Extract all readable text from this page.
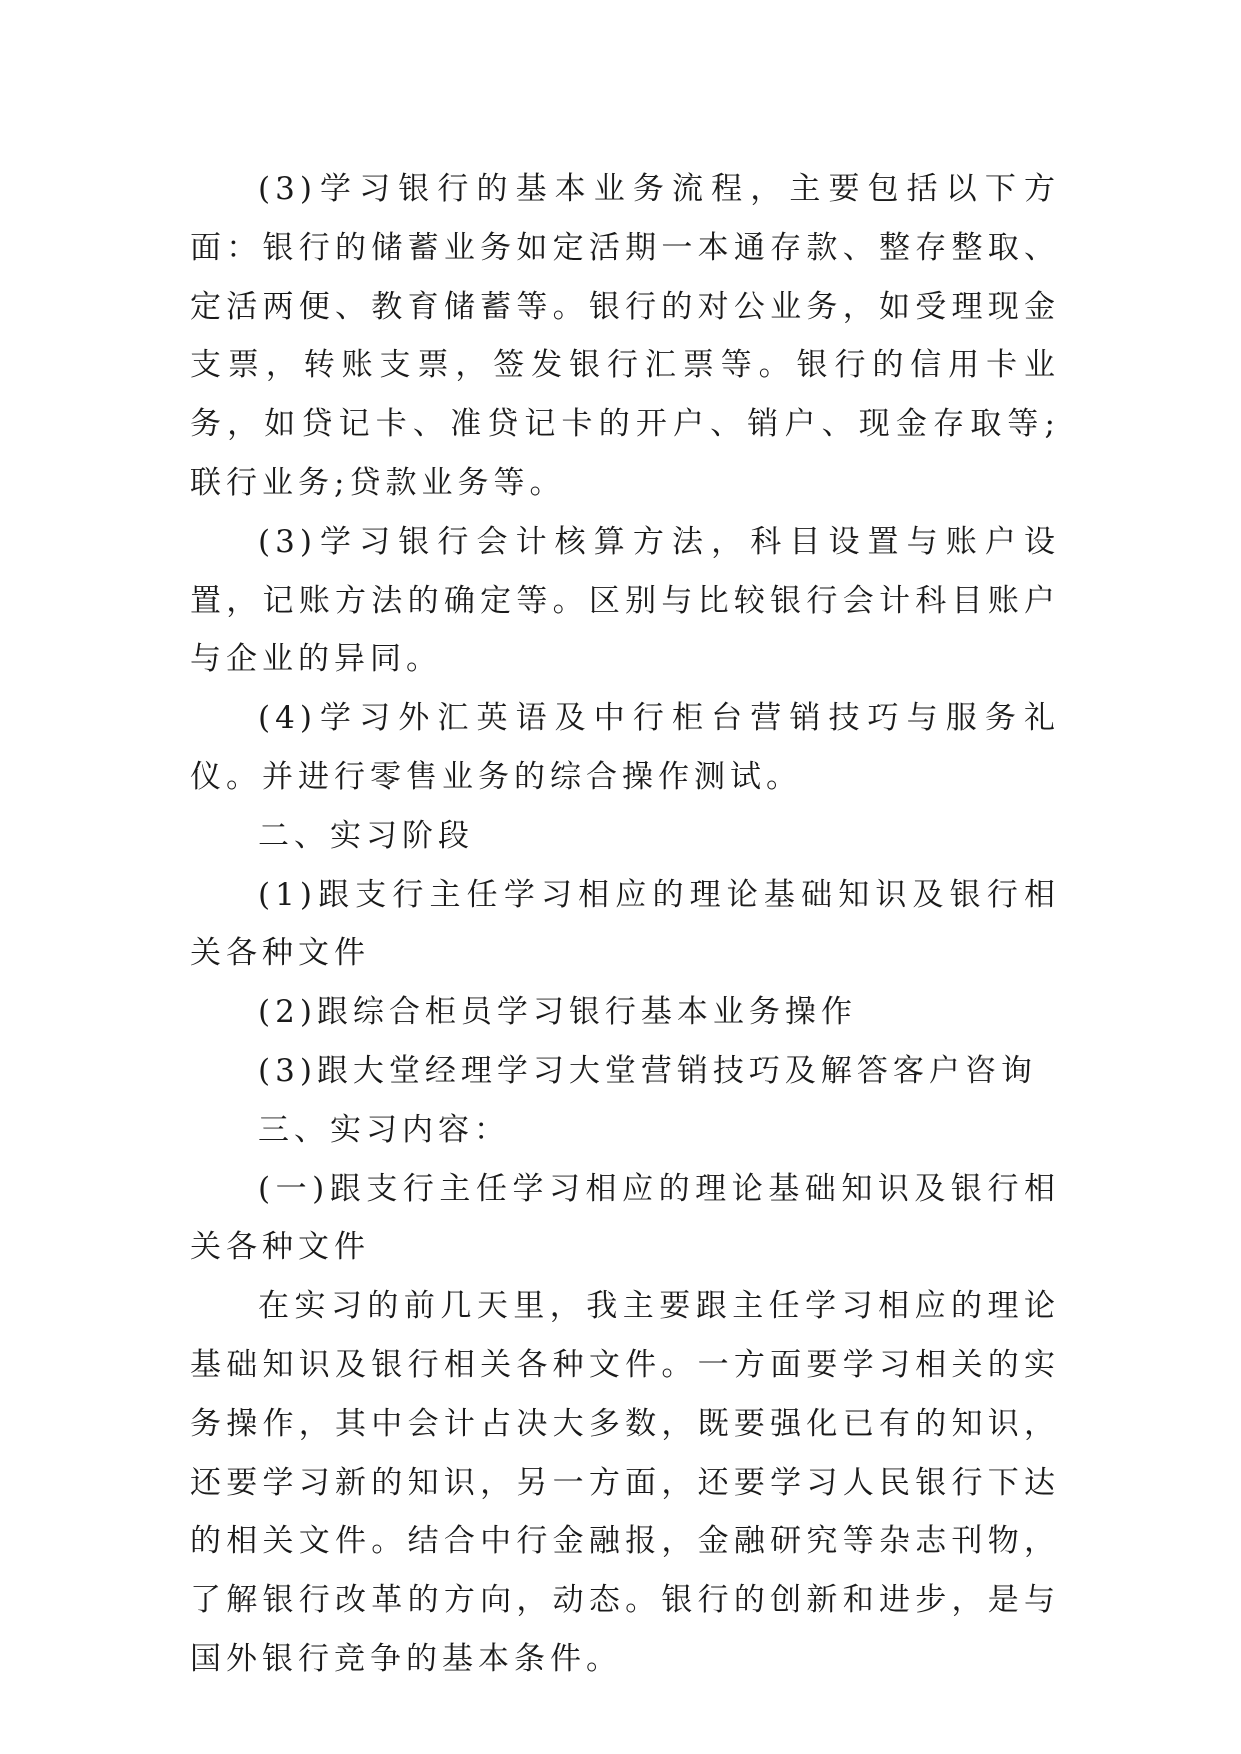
(3)学习银行的基本业务流程，主要包括以下方面：银行的储蓄业务如定活期一本通存款、整存整取、定活两便、教育储蓄等。银行的对公业务，如受理现金支票，转账支票，签发银行汇票等。银行的信用卡业务，如贷记卡、准贷记卡的开户、销户、现金存取等;联行业务;贷款业务等。

(3)学习银行会计核算方法，科目设置与账户设置，记账方法的确定等。区别与比较银行会计科目账户与企业的异同。

(4)学习外汇英语及中行柜台营销技巧与服务礼仪。并进行零售业务的综合操作测试。

二、实习阶段

(1)跟支行主任学习相应的理论基础知识及银行相关各种文件

(2)跟综合柜员学习银行基本业务操作

(3)跟大堂经理学习大堂营销技巧及解答客户咨询

三、实习内容：

(一)跟支行主任学习相应的理论基础知识及银行相关各种文件

在实习的前几天里，我主要跟主任学习相应的理论基础知识及银行相关各种文件。一方面要学习相关的实务操作，其中会计占决大多数，既要强化已有的知识，还要学习新的知识，另一方面，还要学习人民银行下达的相关文件。结合中行金融报，金融研究等杂志刊物，了解银行改革的方向，动态。银行的创新和进步，是与国外银行竞争的基本条件。
